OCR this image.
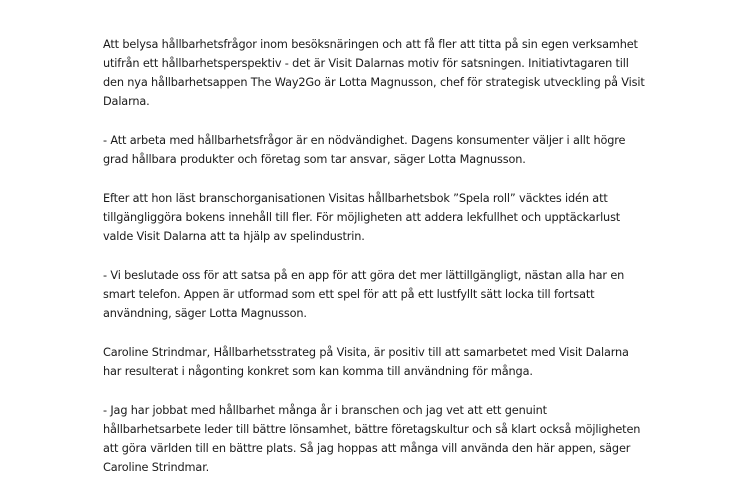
Att belysa hållbarhetsfrågor inom besöksnäringen och att få fler att titta på sin egen verksamhet
utifrån ett hållbarhetsperspektiv - det är Visit Dalarnas motiv för satsningen. Initiativtagaren till
den nya hållbarhetsappen The Way2Go är Lotta Magnusson, chef för strategisk utveckling på Visit
Dalarna.

- Att arbeta med hållbarhetsfrågor är en nödvändighet. Dagens konsumenter väljer i allt högre
grad hållbara produkter och företag som tar ansvar, säger Lotta Magnusson.

Efter att hon läst branschorganisationen Visitas hållbarhetsbok ”Spela roll” väcktes idén att
tillgängliggöra bokens innehåll till fler. För möjligheten att addera lekfullhet och upptäckarlust
valde Visit Dalarna att ta hjälp av spelindustrin.

- Vi beslutade oss för att satsa på en app för att göra det mer lättillgängligt, nästan alla har en
smart telefon. Appen är utformad som ett spel för att på ett lustfyllt sätt locka till fortsatt
användning, säger Lotta Magnusson.

Caroline Strindmar, Hållbarhetsstrateg på Visita, är positiv till att samarbetet med Visit Dalarna
har resulterat i någonting konkret som kan komma till användning för många.

- Jag har jobbat med hållbarhet många år i branschen och jag vet att ett genuint
hållbarhetsarbete leder till bättre lönsamhet, bättre företagskultur och så klart också möjligheten
att göra världen till en bättre plats. Så jag hoppas att många vill använda den här appen, säger
Caroline Strindmar.
